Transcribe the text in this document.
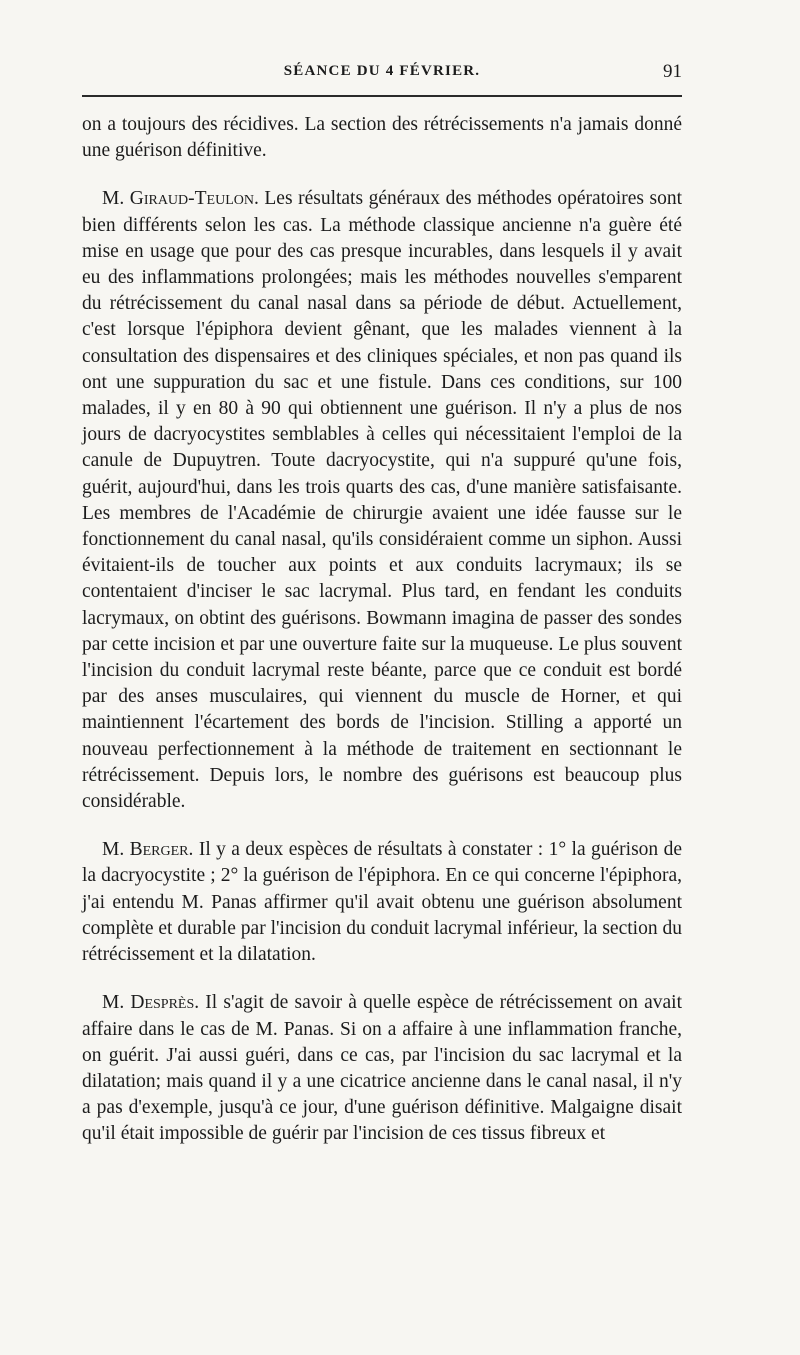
SÉANCE DU 4 FÉVRIER.	91

on a toujours des récidives. La section des rétrécissements n'a jamais donné une guérison définitive.

M. Giraud-Teulon. Les résultats généraux des méthodes opératoires sont bien différents selon les cas. La méthode classique ancienne n'a guère été mise en usage que pour des cas presque incurables, dans lesquels il y avait eu des inflammations prolongées; mais les méthodes nouvelles s'emparent du rétrécissement du canal nasal dans sa période de début. Actuellement, c'est lorsque l'épiphora devient gênant, que les malades viennent à la consultation des dispensaires et des cliniques spéciales, et non pas quand ils ont une suppuration du sac et une fistule. Dans ces conditions, sur 100 malades, il y en 80 à 90 qui obtiennent une guérison. Il n'y a plus de nos jours de dacryocystites semblables à celles qui nécessitaient l'emploi de la canule de Dupuytren. Toute dacryocystite, qui n'a suppuré qu'une fois, guérit, aujourd'hui, dans les trois quarts des cas, d'une manière satisfaisante. Les membres de l'Académie de chirurgie avaient une idée fausse sur le fonctionnement du canal nasal, qu'ils considéraient comme un siphon. Aussi évitaient-ils de toucher aux points et aux conduits lacrymaux; ils se contentaient d'inciser le sac lacrymal. Plus tard, en fendant les conduits lacrymaux, on obtint des guérisons. Bowmann imagina de passer des sondes par cette incision et par une ouverture faite sur la muqueuse. Le plus souvent l'incision du conduit lacrymal reste béante, parce que ce conduit est bordé par des anses musculaires, qui viennent du muscle de Horner, et qui maintiennent l'écartement des bords de l'incision. Stilling a apporté un nouveau perfectionnement à la méthode de traitement en sectionnant le rétrécissement. Depuis lors, le nombre des guérisons est beaucoup plus considérable.

M. Berger. Il y a deux espèces de résultats à constater : 1° la guérison de la dacryocystite ; 2° la guérison de l'épiphora. En ce qui concerne l'épiphora, j'ai entendu M. Panas affirmer qu'il avait obtenu une guérison absolument complète et durable par l'incision du conduit lacrymal inférieur, la section du rétrécissement et la dilatation.

M. Desprès. Il s'agit de savoir à quelle espèce de rétrécissement on avait affaire dans le cas de M. Panas. Si on a affaire à une inflammation franche, on guérit. J'ai aussi guéri, dans ce cas, par l'incision du sac lacrymal et la dilatation; mais quand il y a une cicatrice ancienne dans le canal nasal, il n'y a pas d'exemple, jusqu'à ce jour, d'une guérison définitive. Malgaigne disait qu'il était impossible de guérir par l'incision de ces tissus fibreux et
